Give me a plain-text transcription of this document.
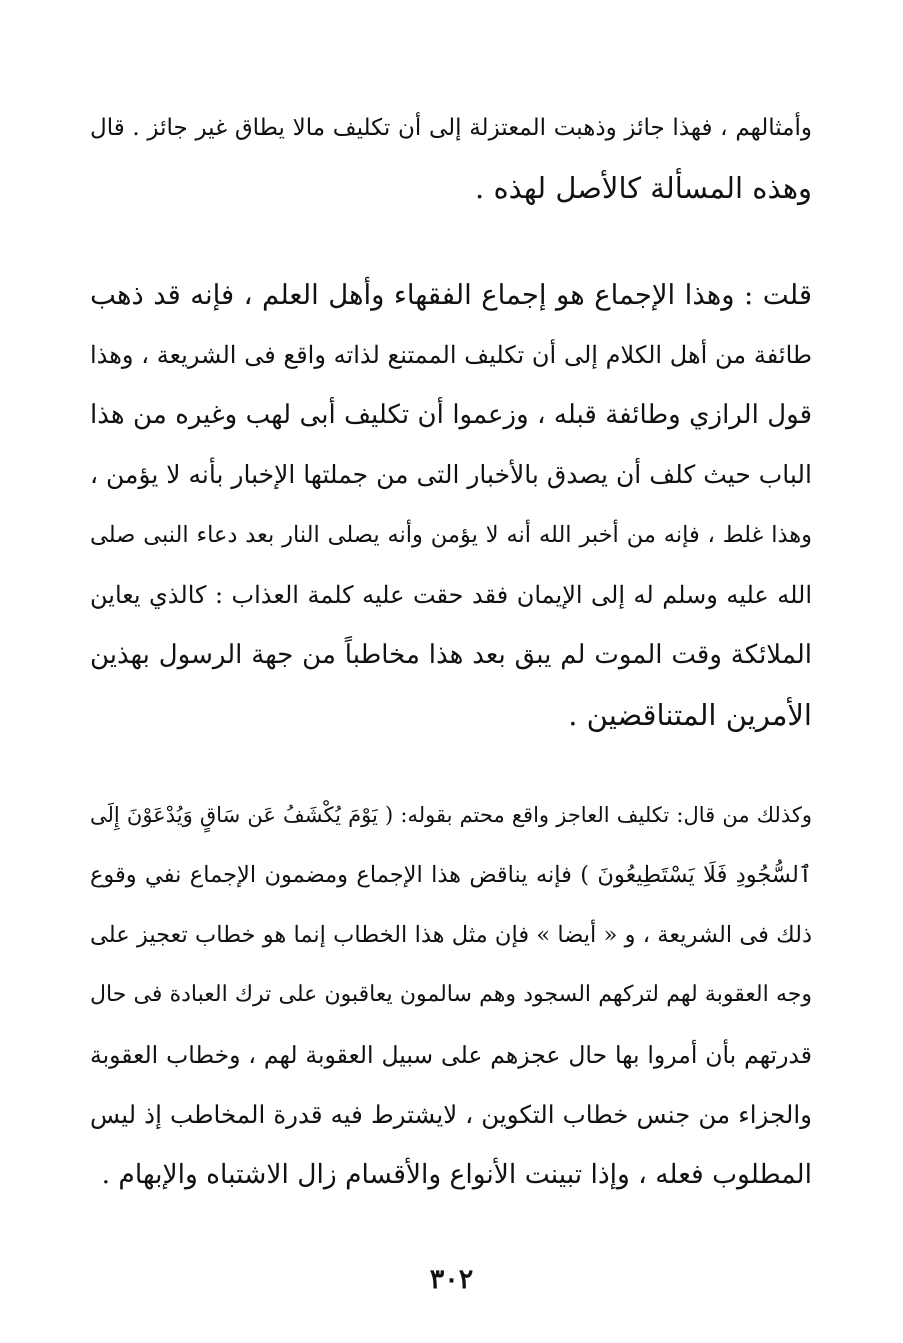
وأمثالهم ، فهذا جائز وذهبت المعتزلة إلى أن تكليف مالا يطاق غير جائز . قال
وهذه المسألة كالأصل لهذه .
قلت : وهذا الإجماع هو إجماع الفقهاء وأهل العلم ، فإنه قد ذهب
طائفة من أهل الكلام إلى أن تكليف الممتنع لذاته واقع فى الشريعة ، وهذا
قول الرازي وطائفة قبله ، وزعموا أن تكليف أبى لهب وغيره من هذا
الباب حيث كلف أن يصدق بالأخبار التى من جملتها الإخبار بأنه لا يؤمن ،
وهذا غلط ، فإنه من أخبر الله أنه لا يؤمن وأنه يصلى النار بعد دعاء النبى صلى
الله عليه وسلم له إلى الإيمان فقد حقت عليه كلمة العذاب : كالذي يعاين
الملائكة وقت الموت لم يبق بعد هذا مخاطباً من جهة الرسول بهذين
الأمرين المتناقضين .
وكذلك من قال: تكليف العاجز واقع محتم بقوله: ( يَوْمَ يُكْشَفُ عَن سَاقٍ وَيُدْعَوْنَ إِلَى
ٱلسُّجُودِ فَلَا يَسْتَطِيعُونَ ) فإنه يناقض هذا الإجماع ومضمون الإجماع نفي وقوع
ذلك فى الشريعة ، و « أيضا » فإن مثل هذا الخطاب إنما هو خطاب تعجيز على
وجه العقوبة لهم لتركهم السجود وهم سالمون يعاقبون على ترك العبادة فى حال
قدرتهم بأن أمروا بها حال عجزهم على سبيل العقوبة لهم ، وخطاب العقوبة
والجزاء من جنس خطاب التكوين ، لايشترط فيه قدرة المخاطب إذ ليس
المطلوب فعله ، وإذا تبينت الأنواع والأقسام زال الاشتباه والإبهام .
٣٠٢
